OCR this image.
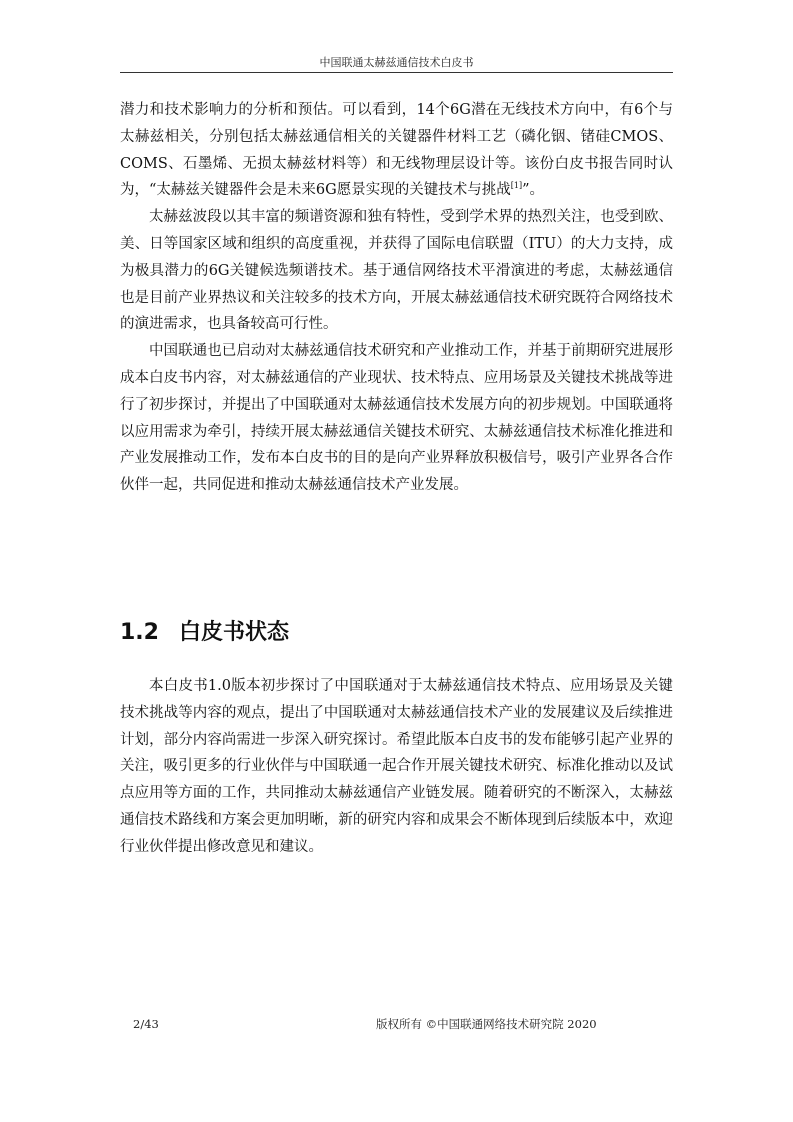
中国联通太赫兹通信技术白皮书

潜力和技术影响力的分析和预估。可以看到，14个6G潜在无线技术方向中，有6个与太赫兹相关，分别包括太赫兹通信相关的关键器件材料工艺（磷化铟、锗硅CMOS、COMS、石墨烯、无损太赫兹材料等）和无线物理层设计等。该份白皮书报告同时认为，“太赫兹关键器件会是未来6G愿景实现的关键技术与挑战[1]”。

太赫兹波段以其丰富的频谱资源和独有特性，受到学术界的热烈关注，也受到欧、美、日等国家区域和组织的高度重视，并获得了国际电信联盟（ITU）的大力支持，成为极具潜力的6G关键候选频谱技术。基于通信网络技术平滑演进的考虑，太赫兹通信也是目前产业界热议和关注较多的技术方向，开展太赫兹通信技术研究既符合网络技术的演进需求，也具备较高可行性。

中国联通也已启动对太赫兹通信技术研究和产业推动工作，并基于前期研究进展形成本白皮书内容，对太赫兹通信的产业现状、技术特点、应用场景及关键技术挑战等进行了初步探讨，并提出了中国联通对太赫兹通信技术发展方向的初步规划。中国联通将以应用需求为牵引，持续开展太赫兹通信关键技术研究、太赫兹通信技术标准化推进和产业发展推动工作，发布本白皮书的目的是向产业界释放积极信号，吸引产业界各合作伙伴一起，共同促进和推动太赫兹通信技术产业发展。

1.2 白皮书状态

本白皮书1.0版本初步探讨了中国联通对于太赫兹通信技术特点、应用场景及关键技术挑战等内容的观点，提出了中国联通对太赫兹通信技术产业的发展建议及后续推进计划，部分内容尚需进一步深入研究探讨。希望此版本白皮书的发布能够引起产业界的关注，吸引更多的行业伙伴与中国联通一起合作开展关键技术研究、标准化推动以及试点应用等方面的工作，共同推动太赫兹通信产业链发展。随着研究的不断深入，太赫兹通信技术路线和方案会更加明晰，新的研究内容和成果会不断体现到后续版本中，欢迎行业伙伴提出修改意见和建议。

2/43	版权所有 ©中国联通网络技术研究院 2020
